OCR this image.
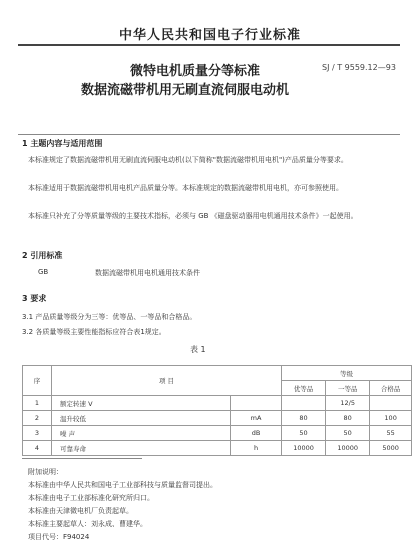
中华人民共和国电子行业标准
微特电机质量分等标准
数据流磁带机用无刷直流伺服电动机
SJ / T 9559.12—93
1 主题内容与适用范围
本标准规定了数据流磁带机用无刷直流伺服电动机(以下简称"数据流磁带机用电机")产品质量分等要求。
本标准适用于数据流磁带机用电机产品质量分等。本标准规定的数据流磁带机用电机，亦可参照使用。
本标准只补充了分等质量等级的主要技术指标，必须与 GB 《磁盘驱动器用电机通用技术条件》一起使用。
2 引用标准
GB	数据流磁带机用电机通用技术条件
3 要求
3.1 产品质量等级分为三等：优等品、一等品和合格品。
3.2 各质量等级主要性能指标应符合表1规定。
表 1
序	项 目		等级		
			优等品	一等品	合格品
1	额定转速 V			12/5	
2	温升较低	mA	80	80	100
3	噪 声	dB	50	50	55
4	可靠寿命	h	10000	10000	5000
附加说明：
本标准由中华人民共和国电子工业部科技与质量监督司提出。
本标准由电子工业部标准化研究所归口。
本标准由天津微电机厂负责起草。
本标准主要起草人：刘永成、曹建华。
项目代号：F94024
